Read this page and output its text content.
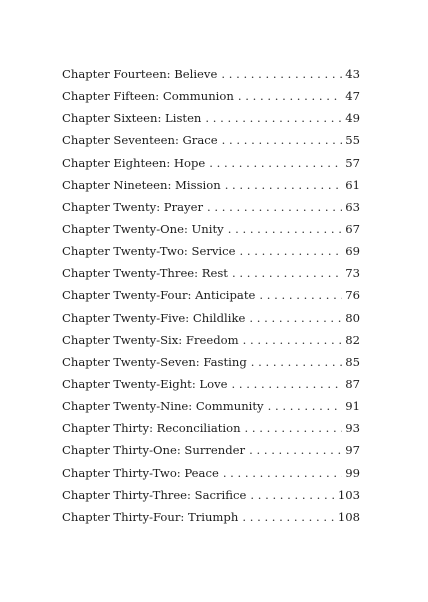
Chapter Fourteen: Believe . . .	43
Chapter Fifteen: Communion . . .	47
Chapter Sixteen: Listen . . .	49
Chapter Seventeen: Grace . . .	55
Chapter Eighteen: Hope . . .	57
Chapter Nineteen: Mission . . .	61
Chapter Twenty: Prayer . . .	63
Chapter Twenty-One: Unity . . .	67
Chapter Twenty-Two: Service . . .	69
Chapter Twenty-Three: Rest . . .	73
Chapter Twenty-Four: Anticipate . . .	76
Chapter Twenty-Five: Childlike . . .	80
Chapter Twenty-Six: Freedom . . .	82
Chapter Twenty-Seven: Fasting . . .	85
Chapter Twenty-Eight: Love . . .	87
Chapter Twenty-Nine: Community . . .	91
Chapter Thirty: Reconciliation . . .	93
Chapter Thirty-One: Surrender . . .	97
Chapter Thirty-Two: Peace . . .	99
Chapter Thirty-Three: Sacrifice . . .	103
Chapter Thirty-Four: Triumph . . .	108
